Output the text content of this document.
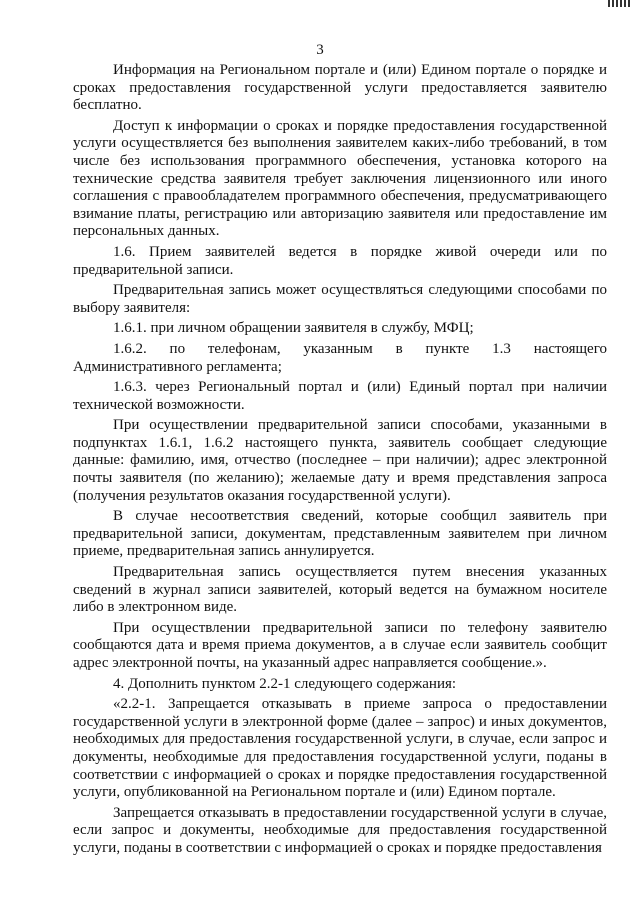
3

Информация на Региональном портале и (или) Едином портале о порядке и сроках предоставления государственной услуги предоставляется заявителю бесплатно.

Доступ к информации о сроках и порядке предоставления государственной услуги осуществляется без выполнения заявителем каких-либо требований, в том числе без использования программного обеспечения, установка которого на технические средства заявителя требует заключения лицензионного или иного соглашения с правообладателем программного обеспечения, предусматривающего взимание платы, регистрацию или авторизацию заявителя или предоставление им персональных данных.

1.6. Прием заявителей ведется в порядке живой очереди или по предварительной записи.

Предварительная запись может осуществляться следующими способами по выбору заявителя:

1.6.1. при личном обращении заявителя в службу, МФЦ;

1.6.2. по телефонам, указанным в пункте 1.3 настоящего Административного регламента;

1.6.3. через Региональный портал и (или) Единый портал при наличии технической возможности.

При осуществлении предварительной записи способами, указанными в подпунктах 1.6.1, 1.6.2 настоящего пункта, заявитель сообщает следующие данные: фамилию, имя, отчество (последнее – при наличии); адрес электронной почты заявителя (по желанию); желаемые дату и время представления запроса (получения результатов оказания государственной услуги).

В случае несоответствия сведений, которые сообщил заявитель при предварительной записи, документам, представленным заявителем при личном приеме, предварительная запись аннулируется.

Предварительная запись осуществляется путем внесения указанных сведений в журнал записи заявителей, который ведется на бумажном носителе либо в электронном виде.

При осуществлении предварительной записи по телефону заявителю сообщаются дата и время приема документов, а в случае если заявитель сообщит адрес электронной почты, на указанный адрес направляется сообщение.».

4. Дополнить пунктом 2.2-1 следующего содержания:

«2.2-1. Запрещается отказывать в приеме запроса о предоставлении государственной услуги в электронной форме (далее – запрос) и иных документов, необходимых для предоставления государственной услуги, в случае, если запрос и документы, необходимые для предоставления государственной услуги, поданы в соответствии с информацией о сроках и порядке предоставления государственной услуги, опубликованной на Региональном портале и (или) Едином портале.

Запрещается отказывать в предоставлении государственной услуги в случае, если запрос и документы, необходимые для предоставления государственной услуги, поданы в соответствии с информацией о сроках и порядке предоставления
